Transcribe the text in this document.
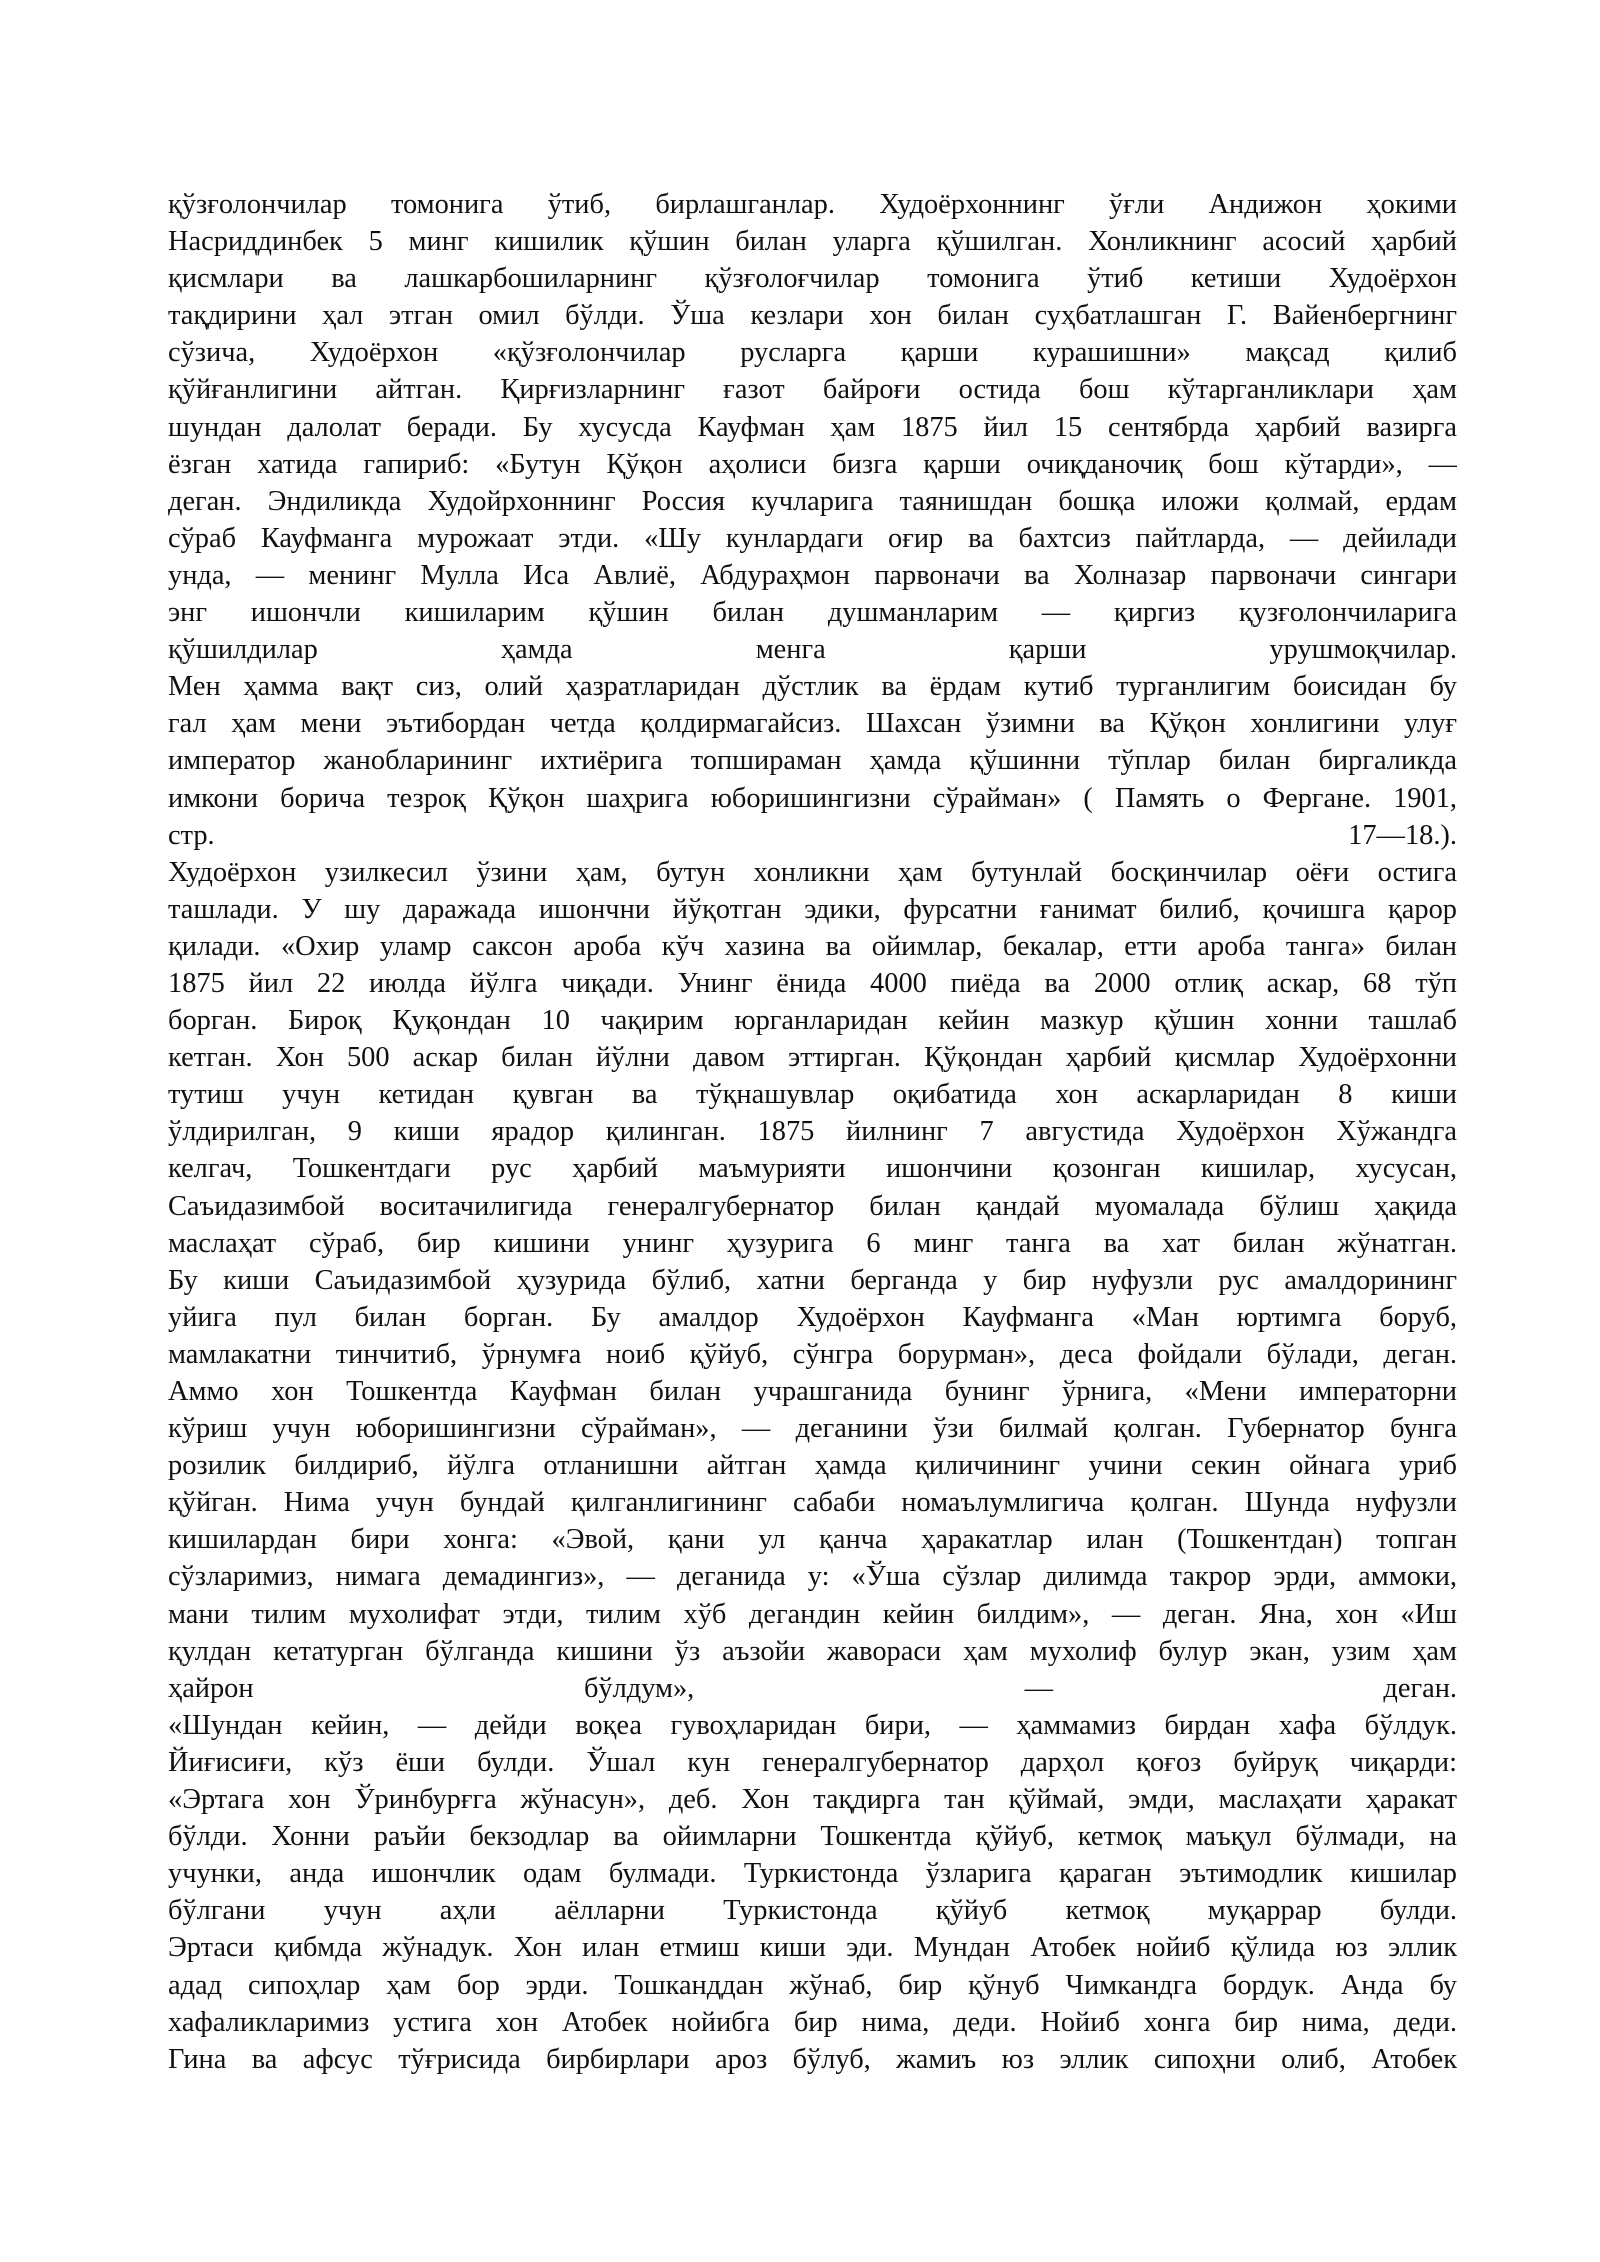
қўзғолончилар томонига ўтиб, бирлашганлар. Худоёрхоннинг ўғли Андижон ҳокими
Насриддинбек 5 минг кишилик қўшин билан уларга қўшилган. Хонликнинг асосий ҳарбий
қисмлари ва лашкарбошиларнинг қўзғолоғчилар томонига ўтиб кетиши Худоёрхон
тақдирини ҳал этган омил бўлди. Ўша кезлари хон билан суҳбатлашган Г. Вайенбергнинг
сўзича, Худоёрхон «қўзғолончилар русларга қарши курашишни» мақсад қилиб
қўйғанлигини айтган. Қирғизларнинг ғазот байроғи остида бош кўтарганликлари ҳам
шундан далолат беради. Бу хусусда Кауфман ҳам 1875 йил 15 сентябрда ҳарбий вазирга
ёзган хатида гапириб: «Бутун Қўқон аҳолиси бизга қарши очиқданочиқ бош кўтарди», —
деган. Эндиликда Худойрхоннинг Россия кучларига таянишдан бошқа иложи қолмай, ердам
сўраб Кауфманга мурожаат этди. «Шу кунлардаги оғир ва бахтсиз пайтларда, — дейилади
унда, — менинг Мулла Иса Авлиё, Абдураҳмон парвоначи ва Холназар парвоначи сингари
энг ишончли кишиларим қўшин билан душманларим — қиргиз қузғолончиларига
қўшилдилар ҳамда менга қарши урушмоқчилар.
Мен ҳамма вақт сиз, олий ҳазратларидан дўстлик ва ёрдам кутиб турганлигим боисидан бу
гал ҳам мени эътибордан четда қолдирмагайсиз. Шахсан ўзимни ва Қўқон хонлигини улуғ
император жанобларининг ихтиёрига топшираман ҳамда қўшинни тўплар билан биргаликда
имкони борича тезроқ Қўқон шаҳрига юборишингизни сўрайман» ( Память о Фергане. 1901,
стр. 17—18.).
Худоёрхон узилкесил ўзини ҳам, бутун хонликни ҳам бутунлай босқинчилар оёғи остига
ташлади. У шу даражада ишончни йўқотган эдики, фурсатни ғанимат билиб, қочишга қарор
қилади. «Охир уламр саксон ароба кўч хазина ва ойимлар, бекалар, етти ароба танга» билан
1875 йил 22 июлда йўлга чиқади. Унинг ёнида 4000 пиёда ва 2000 отлиқ аскар, 68 тўп
борган. Бироқ Қуқондан 10 чақирим юрганларидан кейин мазкур қўшин хонни ташлаб
кетган. Хон 500 аскар билан йўлни давом эттирган. Қўқондан ҳарбий қисмлар Худоёрхонни
тутиш учун кетидан қувган ва тўқнашувлар оқибатида хон аскарларидан 8 киши
ўлдирилган, 9 киши ярадор қилинган. 1875 йилнинг 7 августида Худоёрхон Хўжандга
келгач, Тошкентдаги рус ҳарбий маъмурияти ишончини қозонган кишилар, хусусан,
Саъидазимбой воситачилигида генералгубернатор билан қандай муомалада бўлиш ҳақида
маслаҳат сўраб, бир кишини унинг ҳузурига 6 минг танга ва хат билан жўнатган.
Бу киши Саъидазимбой ҳузурида бўлиб, хатни берганда у бир нуфузли рус амалдорининг
уйига пул билан борган. Бу амалдор Худоёрхон Кауфманга «Ман юртимга боруб,
мамлакатни тинчитиб, ўрнумға ноиб қўйуб, сўнгра борурман», деса фойдали бўлади, деган.
Аммо хон Тошкентда Кауфман билан учрашганида бунинг ўрнига, «Мени императорни
кўриш учун юборишингизни сўрайман», — деганини ўзи билмай қолган. Губернатор бунга
розилик билдириб, йўлга отланишни айтган ҳамда қиличининг учини секин ойнага уриб
қўйган. Нима учун бундай қилганлигининг сабаби номаълумлигича қолган. Шунда нуфузли
кишилардан бири хонга: «Эвой, қани ул қанча ҳаракатлар илан (Тошкентдан) топган
сўзларимиз, нимага демадингиз», — деганида у: «Ўша сўзлар дилимда такрор эрди, аммоки,
мани тилим мухолифат этди, тилим хўб дегандин кейин билдим», — деган. Яна, хон «Иш
қулдан кетатурган бўлганда кишини ўз аъзойи жавораси ҳам мухолиф булур экан, узим ҳам
ҳайрон бўлдум», — деган.
«Шундан кейин, — дейди воқеа гувоҳларидан бири, — ҳаммамиз бирдан хафа бўлдук.
Йиғисиғи, кўз ёши булди. Ўшал кун генералгубернатор дарҳол қоғоз буйруқ чиқарди:
«Эртага хон Ўринбурғга жўнасун», деб. Хон тақдирга тан қўймай, эмди, маслаҳати ҳаракат
бўлди. Хонни раъйи бекзодлар ва ойимларни Тошкентда қўйуб, кетмоқ маъқул бўлмади, на
учунки, анда ишончлик одам булмади. Туркистонда ўзларига қараган эътимодлик кишилар
бўлгани учун аҳли аёлларни Туркистонда қўйуб кетмоқ муқаррар булди.
Эртаси қибмда жўнадук. Хон илан етмиш киши эди. Мундан Атобек нойиб қўлида юз эллик
адад сипоҳлар ҳам бор эрди. Тошканддан жўнаб, бир қўнуб Чимкандга бордук. Анда бу
хафаликларимиз устига хон Атобек нойибга бир нима, деди. Нойиб хонга бир нима, деди.
Гина ва афсус тўғрисида бирбирлари ароз бўлуб, жамиъ юз эллик сипоҳни олиб, Атобек
